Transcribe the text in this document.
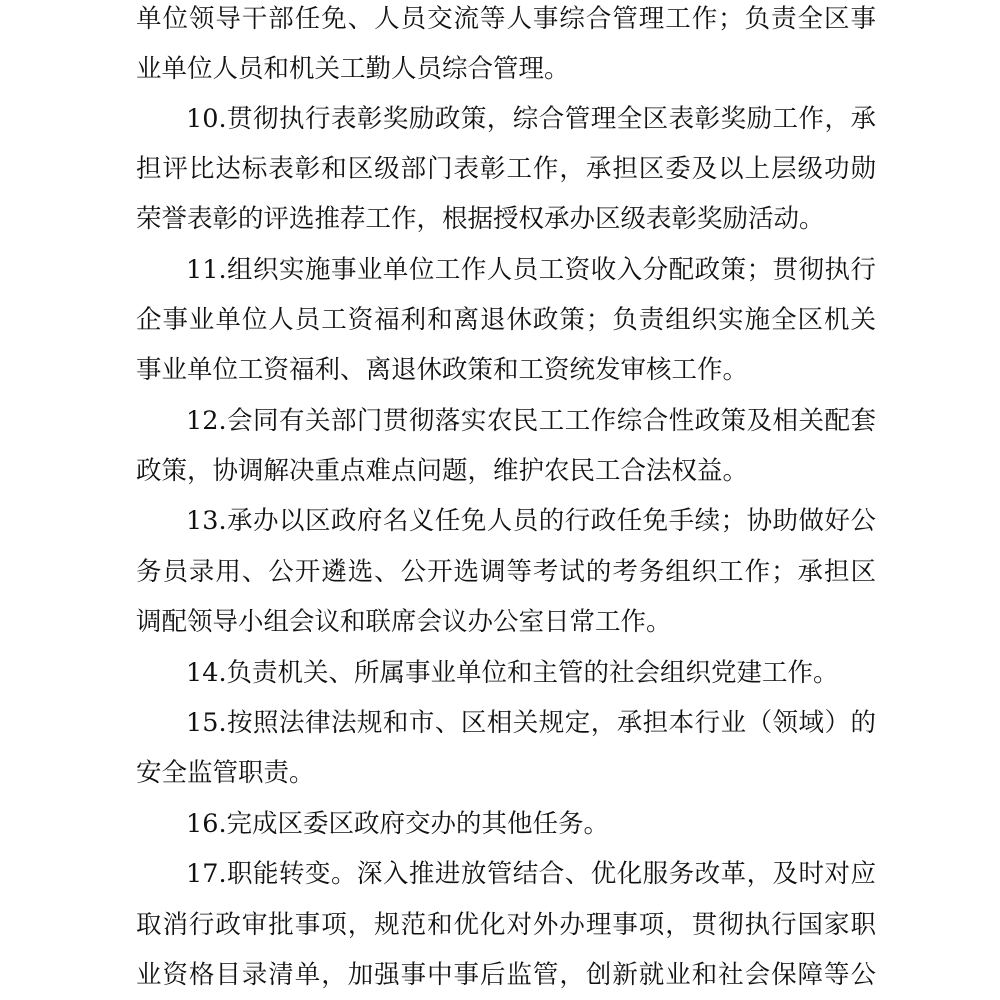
单位领导干部任免、人员交流等人事综合管理工作；负责全区事
业单位人员和机关工勤人员综合管理。
10.贯彻执行表彰奖励政策，综合管理全区表彰奖励工作，承
担评比达标表彰和区级部门表彰工作，承担区委及以上层级功勋
荣誉表彰的评选推荐工作，根据授权承办区级表彰奖励活动。
11.组织实施事业单位工作人员工资收入分配政策；贯彻执行
企事业单位人员工资福利和离退休政策；负责组织实施全区机关
事业单位工资福利、离退休政策和工资统发审核工作。
12.会同有关部门贯彻落实农民工工作综合性政策及相关配套
政策，协调解决重点难点问题，维护农民工合法权益。
13.承办以区政府名义任免人员的行政任免手续；协助做好公
务员录用、公开遴选、公开选调等考试的考务组织工作；承担区
调配领导小组会议和联席会议办公室日常工作。
14.负责机关、所属事业单位和主管的社会组织党建工作。
15.按照法律法规和市、区相关规定，承担本行业（领域）的
安全监管职责。
16.完成区委区政府交办的其他任务。
17.职能转变。深入推进放管结合、优化服务改革，及时对应
取消行政审批事项，规范和优化对外办理事项，贯彻执行国家职
业资格目录清单，加强事中事后监管，创新就业和社会保障等公
